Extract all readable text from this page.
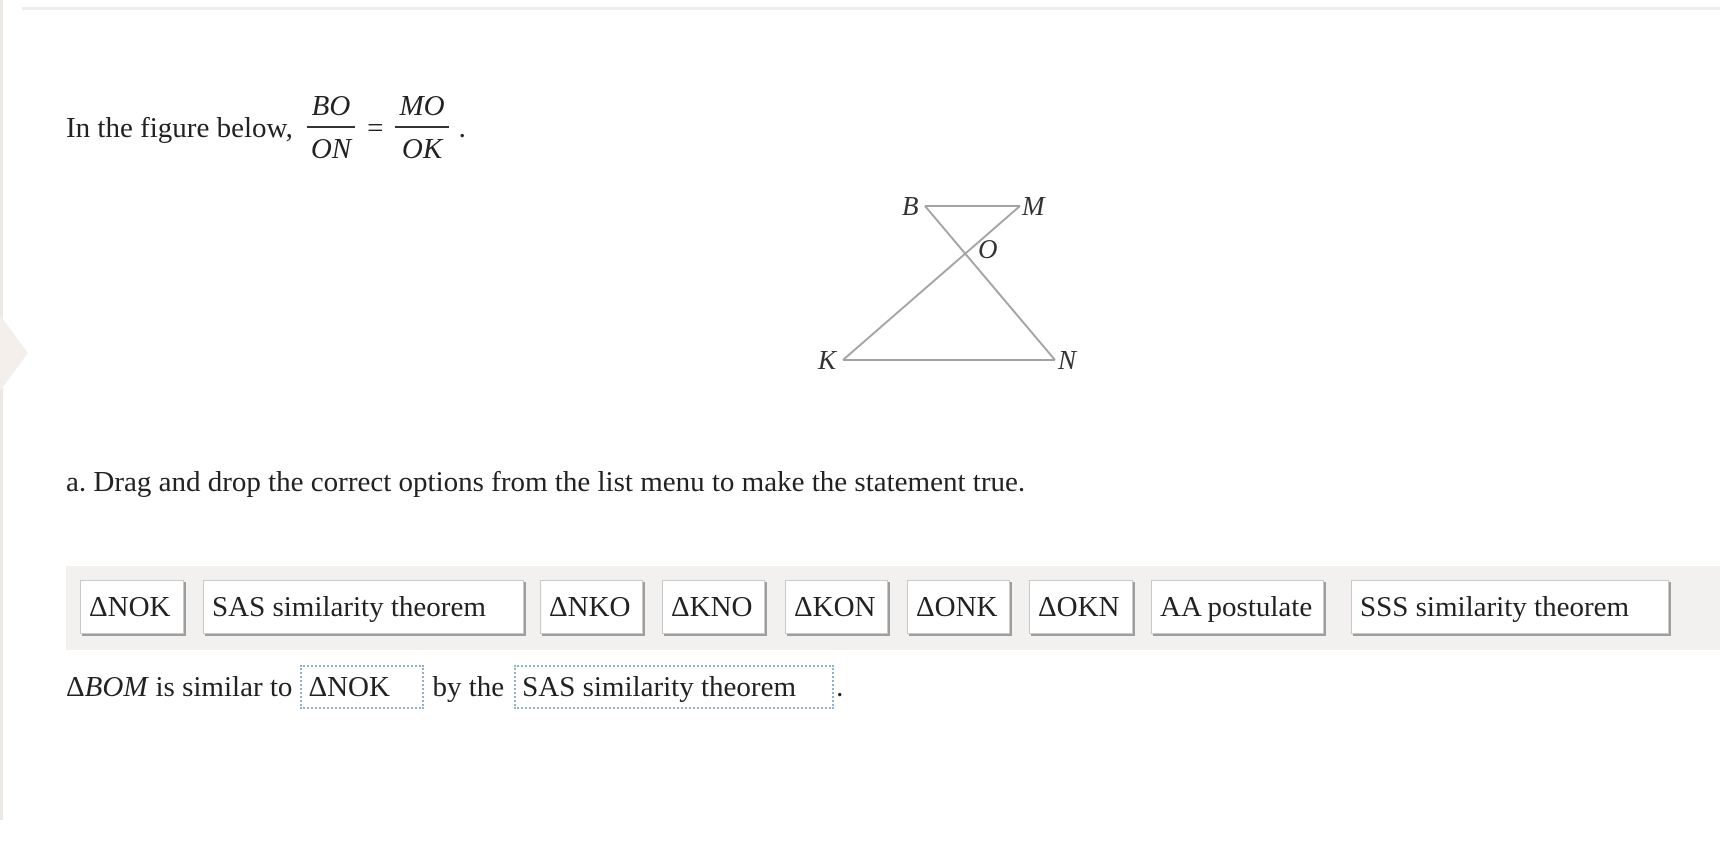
In the figure below, $\frac{BO}{ON} = \frac{MO}{OK}$ .
B	M
O
K	N
a. Drag and drop the correct options from the list menu to make the statement true.
ΔNOK	SAS similarity theorem	ΔNKO	ΔKNO	ΔKON	ΔONK	ΔOKN	AA postulate	SSS similarity theorem
Δ BOM is similar to ΔNOK	by the SAS similarity theorem	.
